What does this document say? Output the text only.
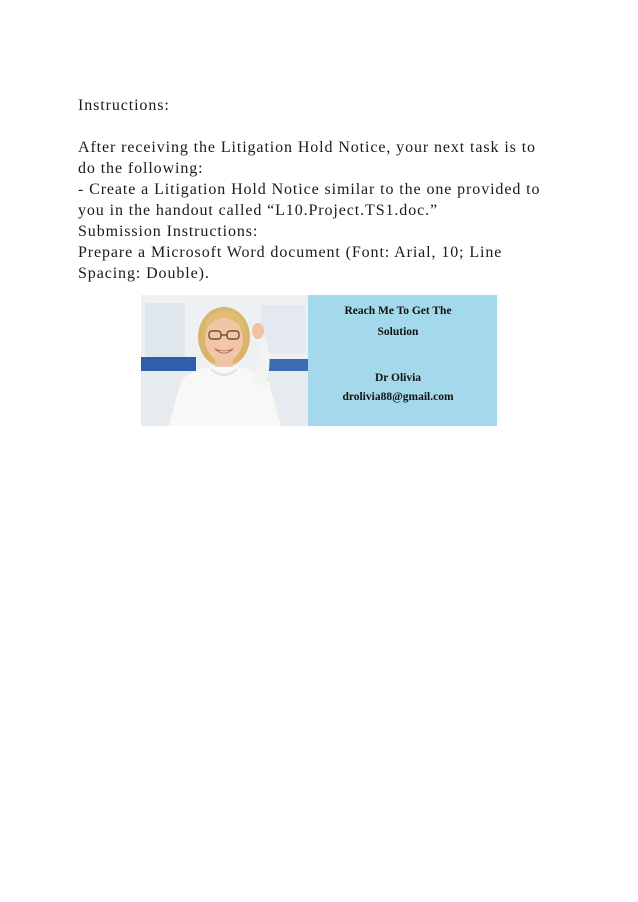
Instructions:

After receiving the Litigation Hold Notice, your next task is to

do the following:

- Create a Litigation Hold Notice similar to the one provided to

you in the handout called “L10.Project.TS1.doc.”

Submission Instructions:

Prepare a Microsoft Word document (Font: Arial, 10; Line

Spacing: Double).

Reach Me To Get The
Solution
Dr Olivia
drolivia88@gmail.com
